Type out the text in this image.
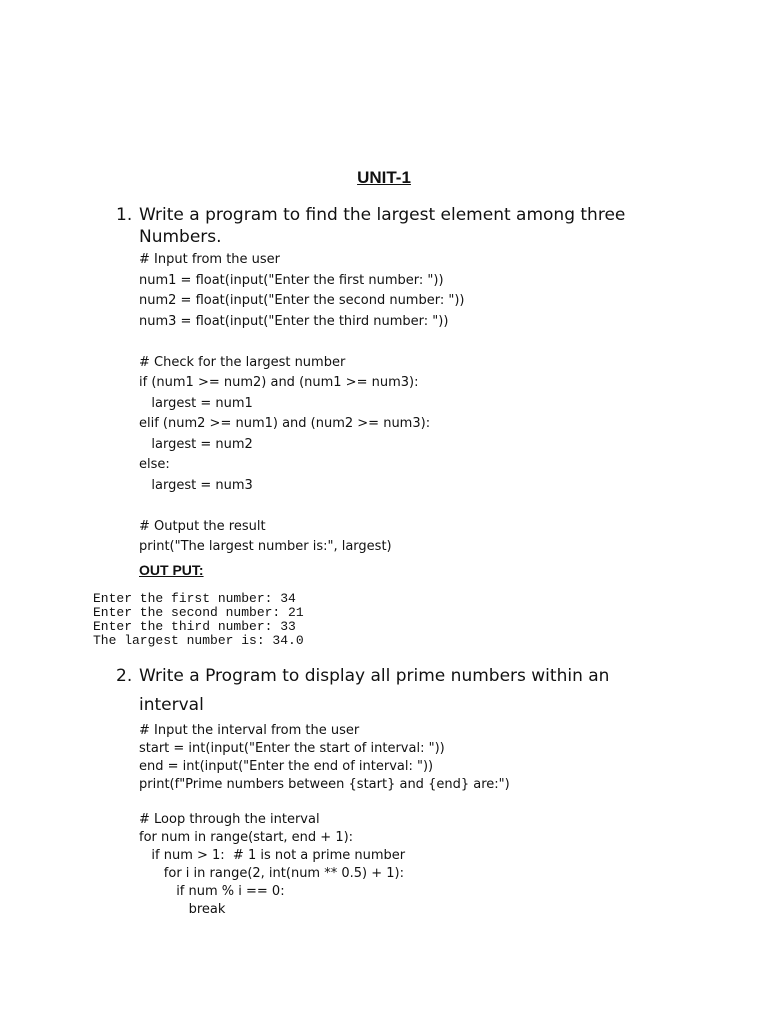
UNIT-1
1. Write a program to find the largest element among three
Numbers.
# Input from the user
num1 = float(input("Enter the first number: "))
num2 = float(input("Enter the second number: "))
num3 = float(input("Enter the third number: "))
# Check for the largest number
if (num1 >= num2) and (num1 >= num3):
largest = num1
elif (num2 >= num1) and (num2 >= num3):
largest = num2
else:
largest = num3
# Output the result
print("The largest number is:", largest)
OUT PUT:
Enter the first number: 34
Enter the second number: 21
Enter the third number: 33
The largest number is: 34.0
2. Write a Program to display all prime numbers within an
interval
# Input the interval from the user
start = int(input("Enter the start of interval: "))
end = int(input("Enter the end of interval: "))
print(f"Prime numbers between {start} and {end} are:")
# Loop through the interval
for num in range(start, end + 1):
if num > 1:  # 1 is not a prime number
for i in range(2, int(num ** 0.5) + 1):
if num % i == 0:
break
